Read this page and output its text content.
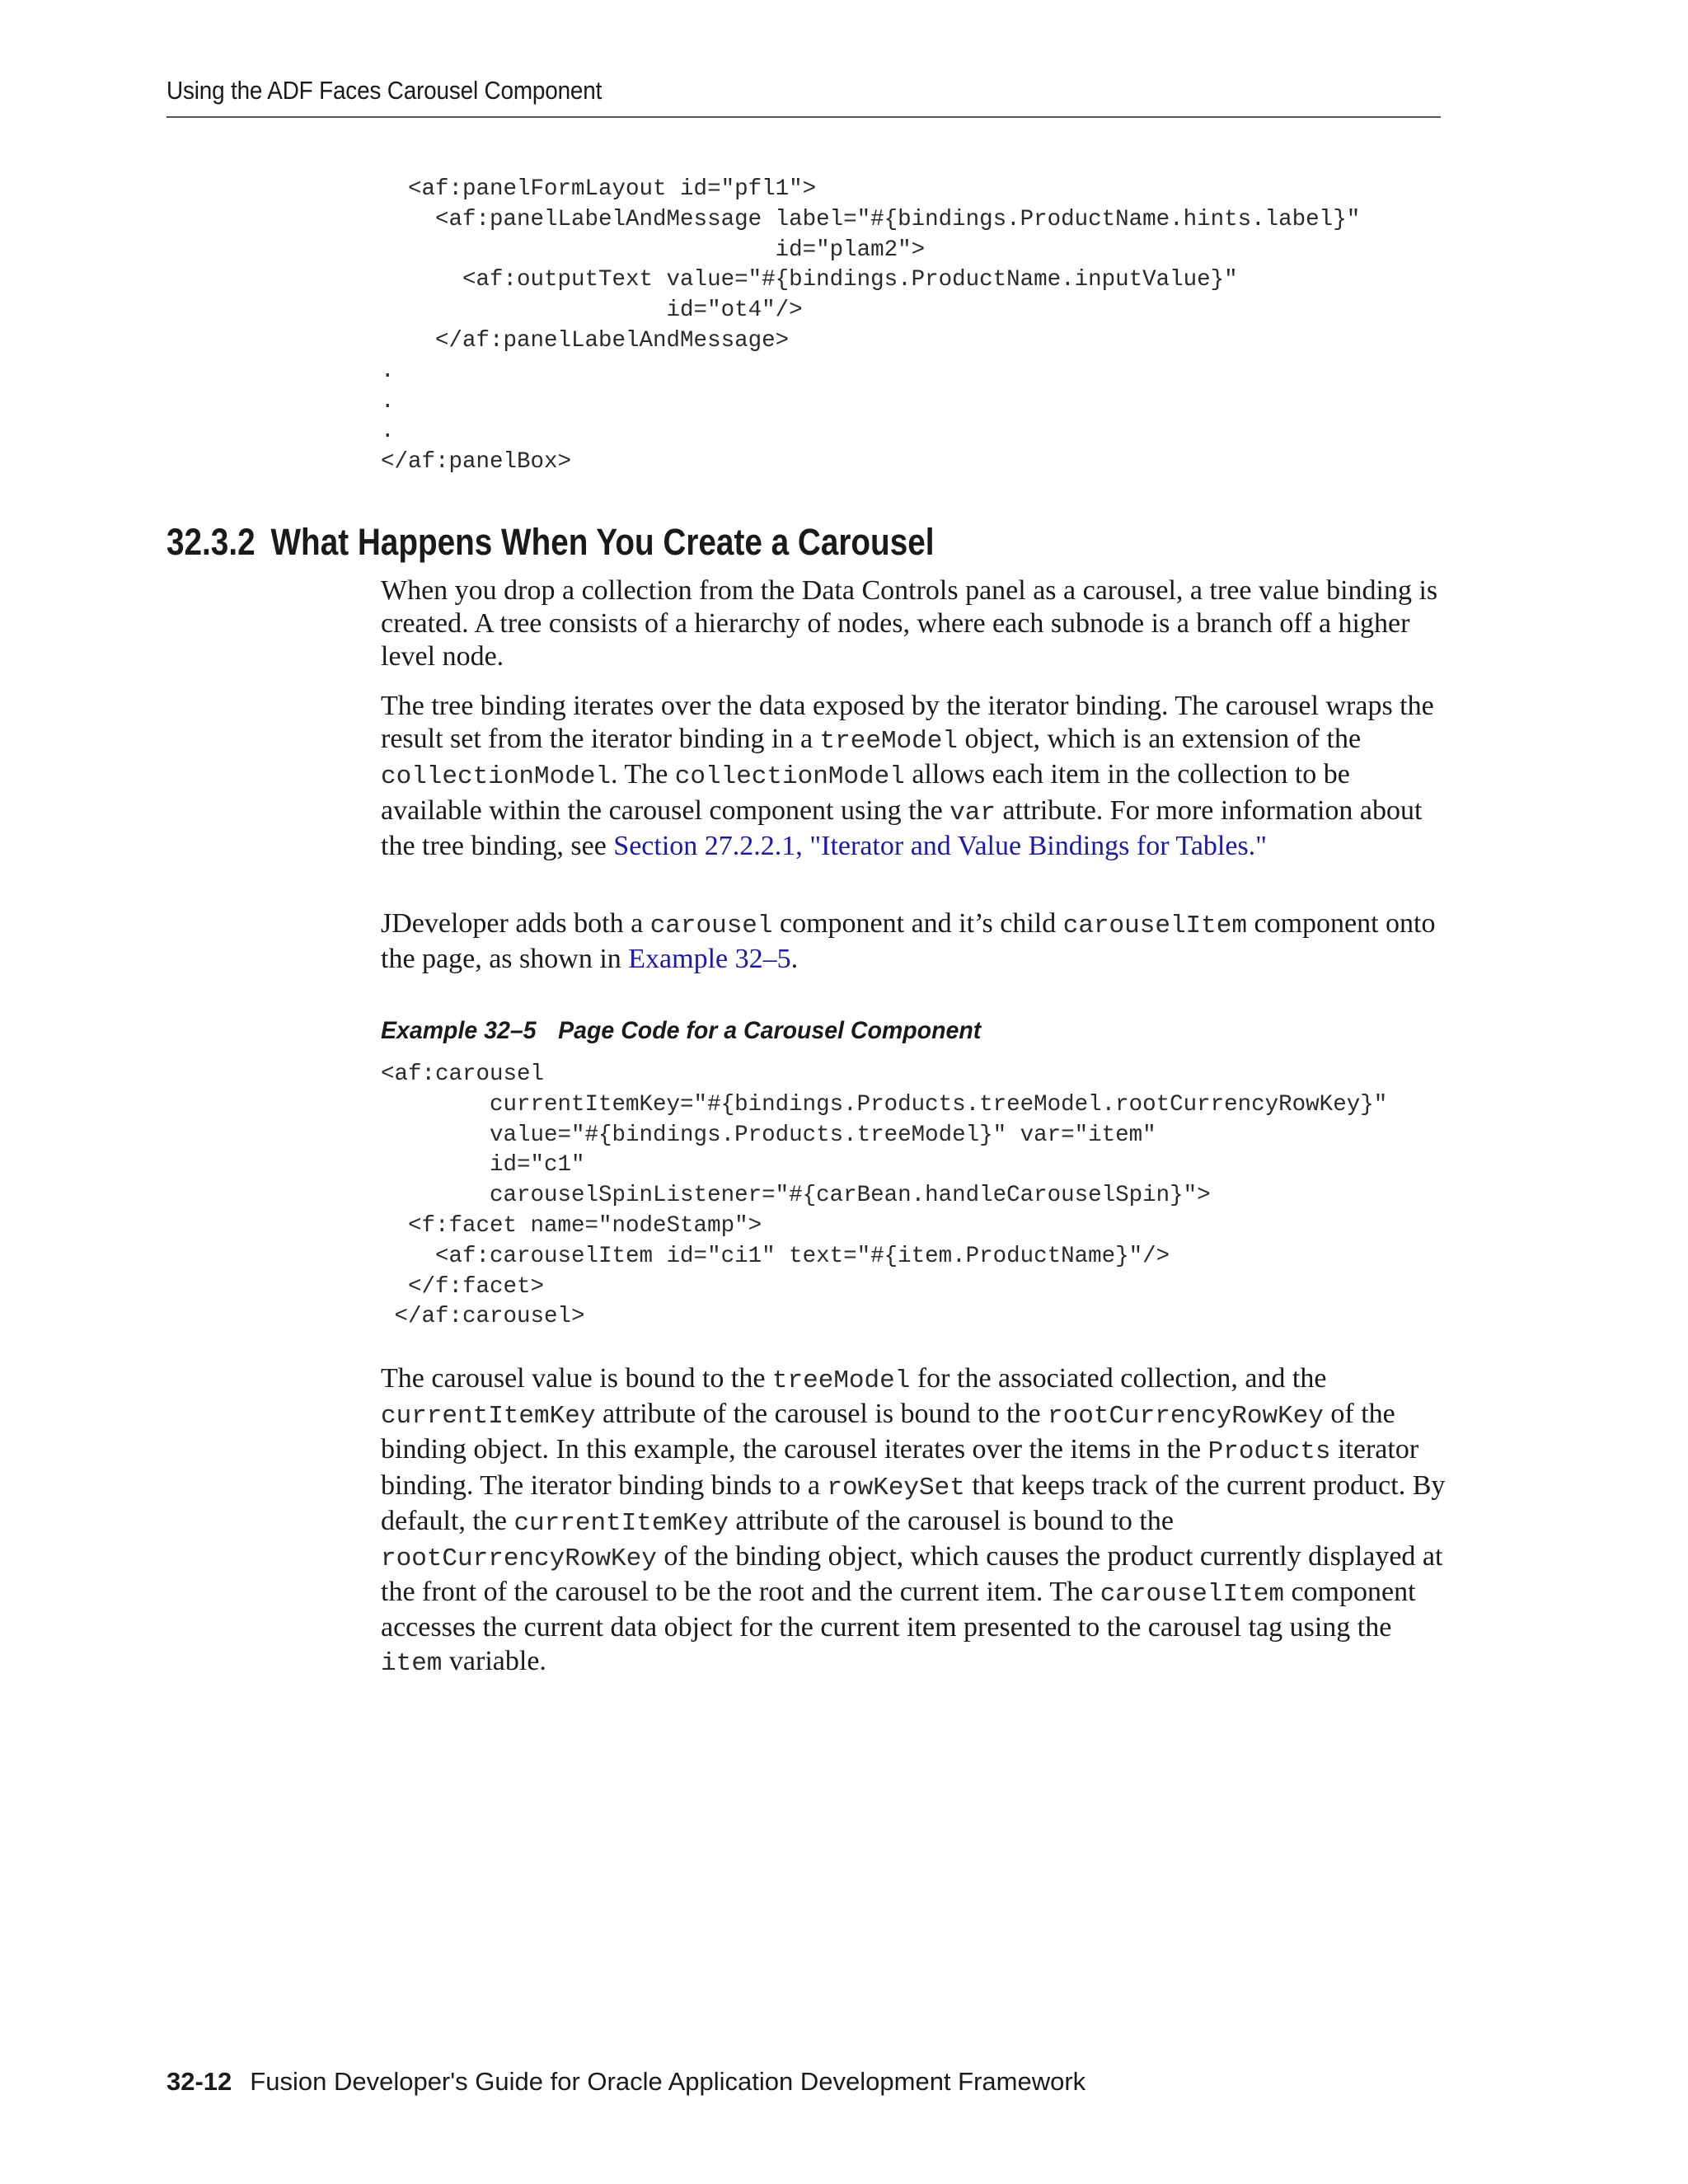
Using the ADF Faces Carousel Component
<af:panelFormLayout id="pfl1">
<af:panelLabelAndMessage label="#{bindings.ProductName.hints.label}"
id="plam2">
<af:outputText value="#{bindings.ProductName.inputValue}"
id="ot4"/>
</af:panelLabelAndMessage>
.
.
.
</af:panelBox>
32.3.2 What Happens When You Create a Carousel

When you drop a collection from the Data Controls panel as a carousel, a tree value binding is created. A tree consists of a hierarchy of nodes, where each subnode is a branch off a higher level node.

The tree binding iterates over the data exposed by the iterator binding. The carousel wraps the result set from the iterator binding in a treeModel object, which is an extension of the collectionModel. The collectionModel allows each item in the collection to be available within the carousel component using the var attribute. For more information about the tree binding, see Section 27.2.2.1, "Iterator and Value Bindings for Tables."

JDeveloper adds both a carousel component and it’s child carouselItem component onto the page, as shown in Example 32–5.

Example 32–5 Page Code for a Carousel Component
<af:carousel
currentItemKey="#{bindings.Products.treeModel.rootCurrencyRowKey}"
value="#{bindings.Products.treeModel}" var="item"
id="c1"
carouselSpinListener="#{carBean.handleCarouselSpin}">
<f:facet name="nodeStamp">
<af:carouselItem id="ci1" text="#{item.ProductName}"/>
</f:facet>
</af:carousel>

The carousel value is bound to the treeModel for the associated collection, and the currentItemKey attribute of the carousel is bound to the rootCurrencyRowKey of the binding object. In this example, the carousel iterates over the items in the Products iterator binding. The iterator binding binds to a rowKeySet that keeps track of the current product. By default, the currentItemKey attribute of the carousel is bound to the rootCurrencyRowKey of the binding object, which causes the product currently displayed at the front of the carousel to be the root and the current item. The carouselItem component accesses the current data object for the current item presented to the carousel tag using the item variable.

32-12 Fusion Developer's Guide for Oracle Application Development Framework
